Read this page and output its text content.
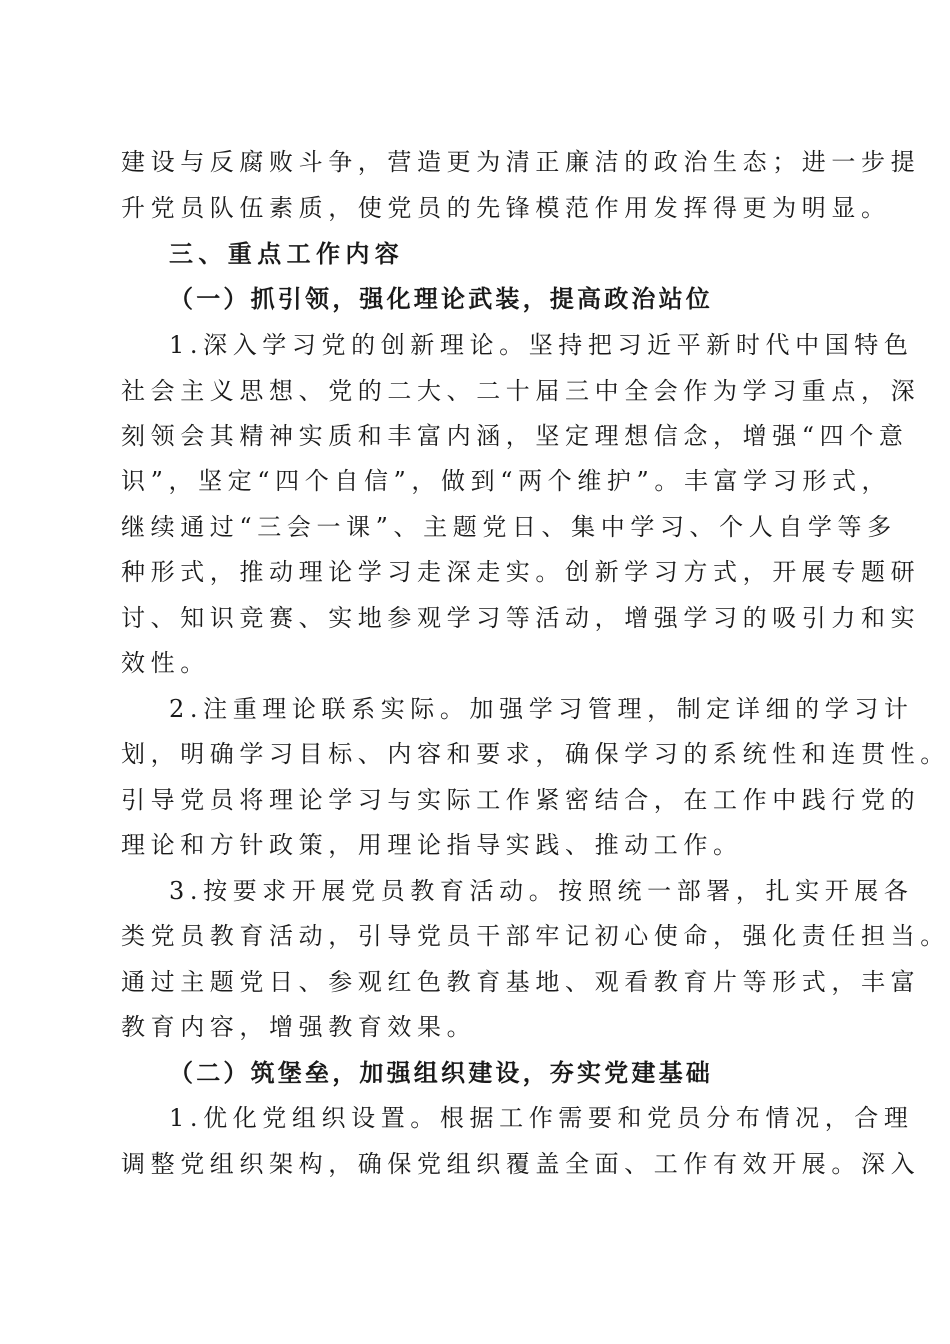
建设与反腐败斗争，营造更为清正廉洁的政治生态；进一步提

升党员队伍素质，使党员的先锋模范作用发挥得更为明显。

三、重点工作内容

（一）抓引领，强化理论武装，提高政治站位

1.深入学习党的创新理论。坚持把习近平新时代中国特色

社会主义思想、党的二大、二十届三中全会作为学习重点，深

刻领会其精神实质和丰富内涵，坚定理想信念，增强“四个意

识”，坚定“四个自信”，做到“两个维护”。丰富学习形式，

继续通过“三会一课”、主题党日、集中学习、个人自学等多

种形式，推动理论学习走深走实。创新学习方式，开展专题研

讨、知识竞赛、实地参观学习等活动，增强学习的吸引力和实

效性。

2.注重理论联系实际。加强学习管理，制定详细的学习计

划，明确学习目标、内容和要求，确保学习的系统性和连贯性。

引导党员将理论学习与实际工作紧密结合，在工作中践行党的

理论和方针政策，用理论指导实践、推动工作。

3.按要求开展党员教育活动。按照统一部署，扎实开展各

类党员教育活动，引导党员干部牢记初心使命，强化责任担当。

通过主题党日、参观红色教育基地、观看教育片等形式，丰富

教育内容，增强教育效果。

（二）筑堡垒，加强组织建设，夯实党建基础

1.优化党组织设置。根据工作需要和党员分布情况，合理

调整党组织架构，确保党组织覆盖全面、工作有效开展。深入
